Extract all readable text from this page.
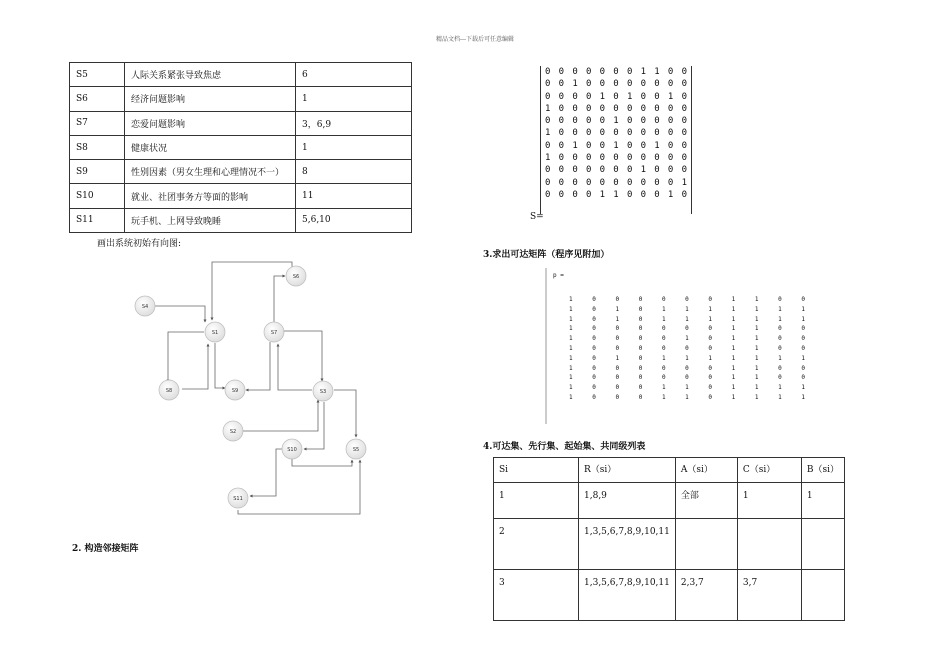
精品文档---下载后可任意编辑
S5	人际关系紧张导致焦虑	6
S6	经济问题影响	1
S7	恋爱问题影响	3，6,9
S8	健康状况	1
S9	性别因素（男女生理和心理情况不一）	8
S10	就业、社团事务方等面的影响	11
S11	玩手机、上网导致晚睡	5,6,10
画出系统初始有向图:
S1
S2
S3
S4
S5
S6
S7
S8	S9
S10
S11
2. 构造邻接矩阵
0 0 0 0 0 0 0 1 1 0 0
0 0 1 0 0 0 0 0 0 0 0
0 0 0 0 1 0 1 0 0 1 0
1 0 0 0 0 0 0 0 0 0 0
0 0 0 0 0 1 0 0 0 0 0
1 0 0 0 0 0 0 0 0 0 0
0 0 1 0 0 1 0 0 1 0 0
1 0 0 0 0 0 0 0 0 0 0
0 0 0 0 0 0 0 1 0 0 0
0 0 0 0 0 0 0 0 0 0 1
0 0 0 0 1 1 0 0 0 1 0
S=
3.求出可达矩阵（程序见附加）
p =
1	0	0	0	0	0	0	1	1	0	0
1	0	1	0	1	1	1	1	1	1	1
1	0	1	0	1	1	1	1	1	1	1
1	0	0	0	0	0	0	1	1	0	0
1	0	0	0	0	1	0	1	1	0	0
1	0	0	0	0	0	0	1	1	0	0
1	0	1	0	1	1	1	1	1	1	1
1	0	0	0	0	0	0	1	1	0	0
1	0	0	0	0	0	0	1	1	0	0
1	0	0	0	1	1	0	1	1	1	1
1	0	0	0	1	1	0	1	1	1	1
4.可达集、先行集、起始集、共同级列表
Si	R（si）	A（si）	C（si）	B（si）
1	1,8,9	全部	1	1
2	1,3,5,6,7,8,9,10,11			
3	1,3,5,6,7,8,9,10,11	2,3,7	3,7	
